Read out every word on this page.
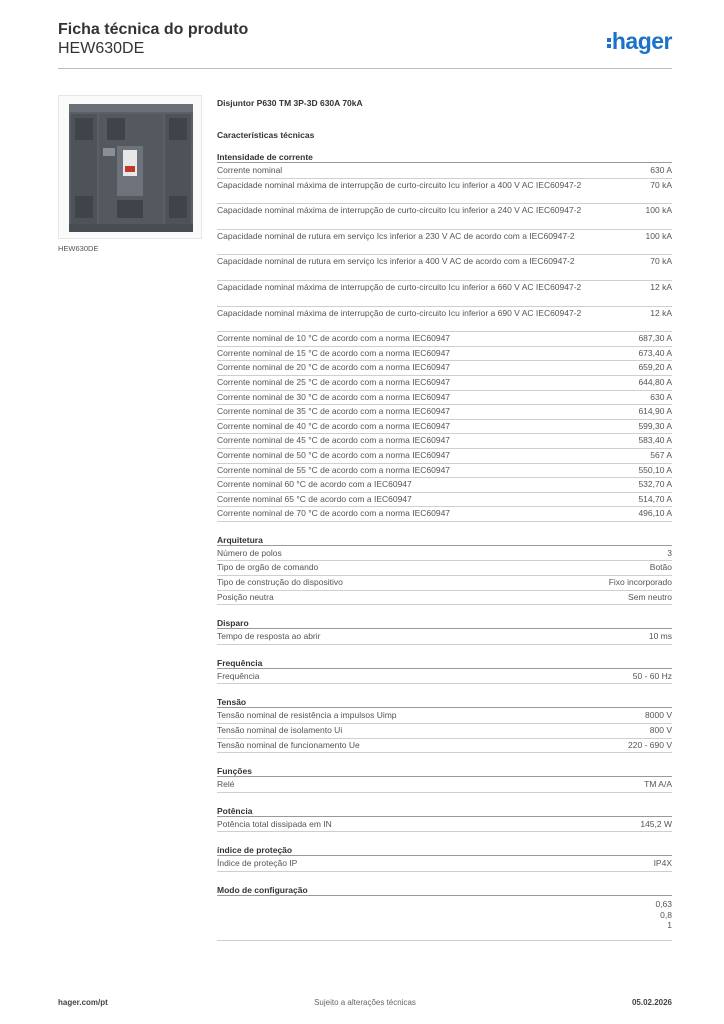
Ficha técnica do produto
HEW630DE	hager
HEW630DE
Disjuntor P630 TM 3P-3D 630A 70kA
Características técnicas
Intensidade de corrente
Corrente nominal	630 A
Capacidade nominal máxima de interrupção de curto-circuito Icu inferior a 400 V AC IEC60947-2	70 kA
Capacidade nominal máxima de interrupção de curto-circuito Icu inferior a 240 V AC IEC60947-2	100 kA
Capacidade nominal de rutura em serviço Ics inferior a 230 V AC de acordo com a IEC60947-2	100 kA
Capacidade nominal de rutura em serviço Ics inferior a 400 V AC de acordo com a IEC60947-2	70 kA
Capacidade nominal máxima de interrupção de curto-circuito Icu inferior a 660 V AC IEC60947-2	12 kA
Capacidade nominal máxima de interrupção de curto-circuito Icu inferior a 690 V AC IEC60947-2	12 kA
Corrente nominal de 10 °C de acordo com a norma IEC60947	687,30 A
Corrente nominal de 15 °C de acordo com a norma IEC60947	673,40 A
Corrente nominal de 20 °C de acordo com a norma IEC60947	659,20 A
Corrente nominal de 25 °C de acordo com a norma IEC60947	644,80 A
Corrente nominal de 30 °C de acordo com a norma IEC60947	630 A
Corrente nominal de 35 °C de acordo com a norma IEC60947	614,90 A
Corrente nominal de 40 °C de acordo com a norma IEC60947	599,30 A
Corrente nominal de 45 °C de acordo com a norma IEC60947	583,40 A
Corrente nominal de 50 °C de acordo com a norma IEC60947	567 A
Corrente nominal de 55 °C de acordo com a norma IEC60947	550,10 A
Corrente nominal 60 °C de acordo com a IEC60947	532,70 A
Corrente nominal 65 °C de acordo com a IEC60947	514,70 A
Corrente nominal de 70 °C de acordo com a norma IEC60947	496,10 A
Arquitetura
Número de polos	3
Tipo de orgão de comando	Botão
Tipo de construção do dispositivo	Fixo incorporado
Posição neutra	Sem neutro
Disparo
Tempo de resposta ao abrir	10 ms
Frequência
Frequência	50 - 60 Hz
Tensão
Tensão nominal de resistência a impulsos Uimp	8000 V
Tensão nominal de isolamento Ui	800 V
Tensão nominal de funcionamento Ue	220 - 690 V
Funções
Relé	TM A/A
Potência
Potência total dissipada em IN	145,2 W
índice de proteção
Índice de proteção IP	IP4X
Modo de configuração
0,63
0,8
1
hager.com/pt	Sujeito a alterações técnicas	05.02.2026
